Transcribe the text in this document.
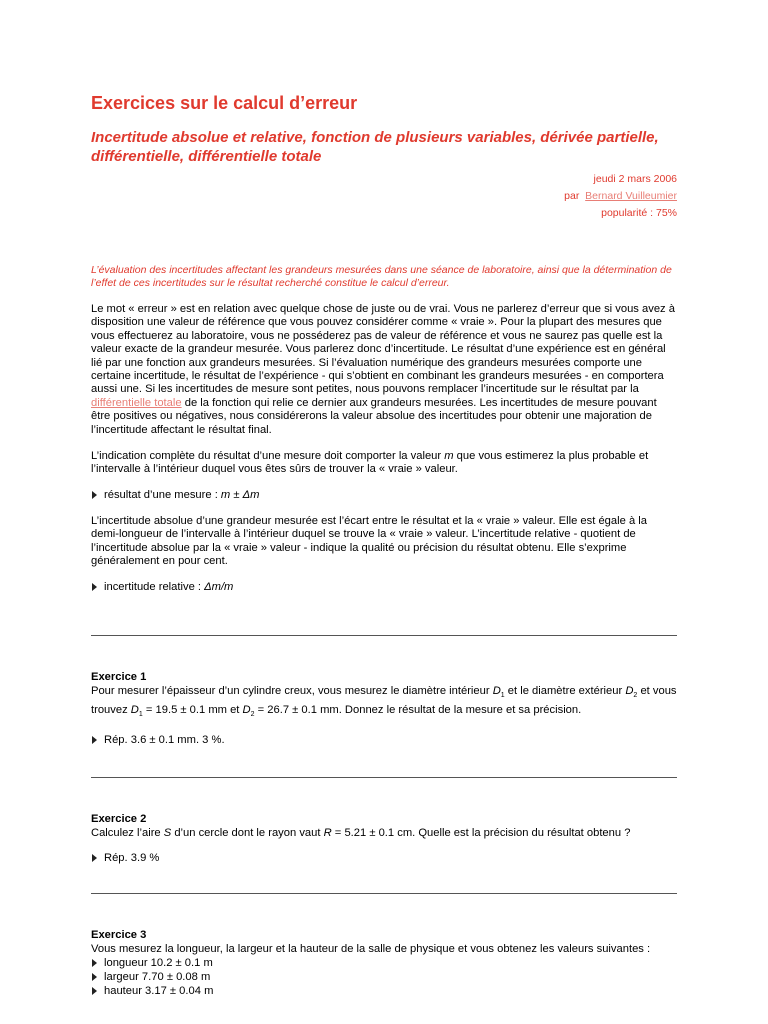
Exercices sur le calcul d’erreur
Incertitude absolue et relative, fonction de plusieurs variables, dérivée partielle, différentielle, différentielle totale
jeudi 2 mars 2006
par Bernard Vuilleumier
popularité : 75%
L’évaluation des incertitudes affectant les grandeurs mesurées dans une séance de laboratoire, ainsi que la détermination de l’effet de ces incertitudes sur le résultat recherché constitue le calcul d’erreur.

Le mot « erreur » est en relation avec quelque chose de juste ou de vrai. Vous ne parlerez d’erreur que si vous avez à disposition une valeur de référence que vous pouvez considérer comme « vraie ». Pour la plupart des mesures que vous effectuerez au laboratoire, vous ne posséderez pas de valeur de référence et vous ne saurez pas quelle est la valeur exacte de la grandeur mesurée. Vous parlerez donc d’incertitude. Le résultat d’une expérience est en général lié par une fonction aux grandeurs mesurées. Si l’évaluation numérique des grandeurs mesurées comporte une certaine incertitude, le résultat de l’expérience - qui s’obtient en combinant les grandeurs mesurées - en comportera aussi une. Si les incertitudes de mesure sont petites, nous pouvons remplacer l’incertitude sur le résultat par la différentielle totale de la fonction qui relie ce dernier aux grandeurs mesurées. Les incertitudes de mesure pouvant être positives ou négatives, nous considérerons la valeur absolue des incertitudes pour obtenir une majoration de l’incertitude affectant le résultat final.

L’indication complète du résultat d’une mesure doit comporter la valeur m que vous estimerez la plus probable et l’intervalle à l’intérieur duquel vous êtes sûrs de trouver la « vraie » valeur.

résultat d’une mesure :
m ± Δm

L’incertitude absolue d’une grandeur mesurée est l’écart entre le résultat et la « vraie » valeur. Elle est égale à la demi-longueur de l’intervalle à l’intérieur duquel se trouve la « vraie » valeur. L’incertitude relative - quotient de l’incertitude absolue par la « vraie » valeur - indique la qualité ou précision du résultat obtenu. Elle s’exprime généralement en pour cent.

incertitude relative :
Δm/m
Exercice 1
Pour mesurer l’épaisseur d’un cylindre creux, vous mesurez le diamètre intérieur $D_1$ et le diamètre extérieur $D_2$ et vous trouvez $D_1 = 19.5 \pm 0.1$ mm et $D_2 = 26.7 \pm 0.1$ mm. Donnez le résultat de la mesure et sa précision.
Rép. 3.6 ± 0.1 mm. 3 %.
Exercice 2
Calculez l’aire S d’un cercle dont le rayon vaut R = 5.21 ± 0.1 cm. Quelle est la précision du résultat obtenu ?
Rép. 3.9 %
Exercice 3
Vous mesurez la longueur, la largeur et la hauteur de la salle de physique et vous obtenez les valeurs suivantes :
longueur 10.2 ± 0.1 m
largeur 7.70 ± 0.08 m
hauteur 3.17 ± 0.04 m
